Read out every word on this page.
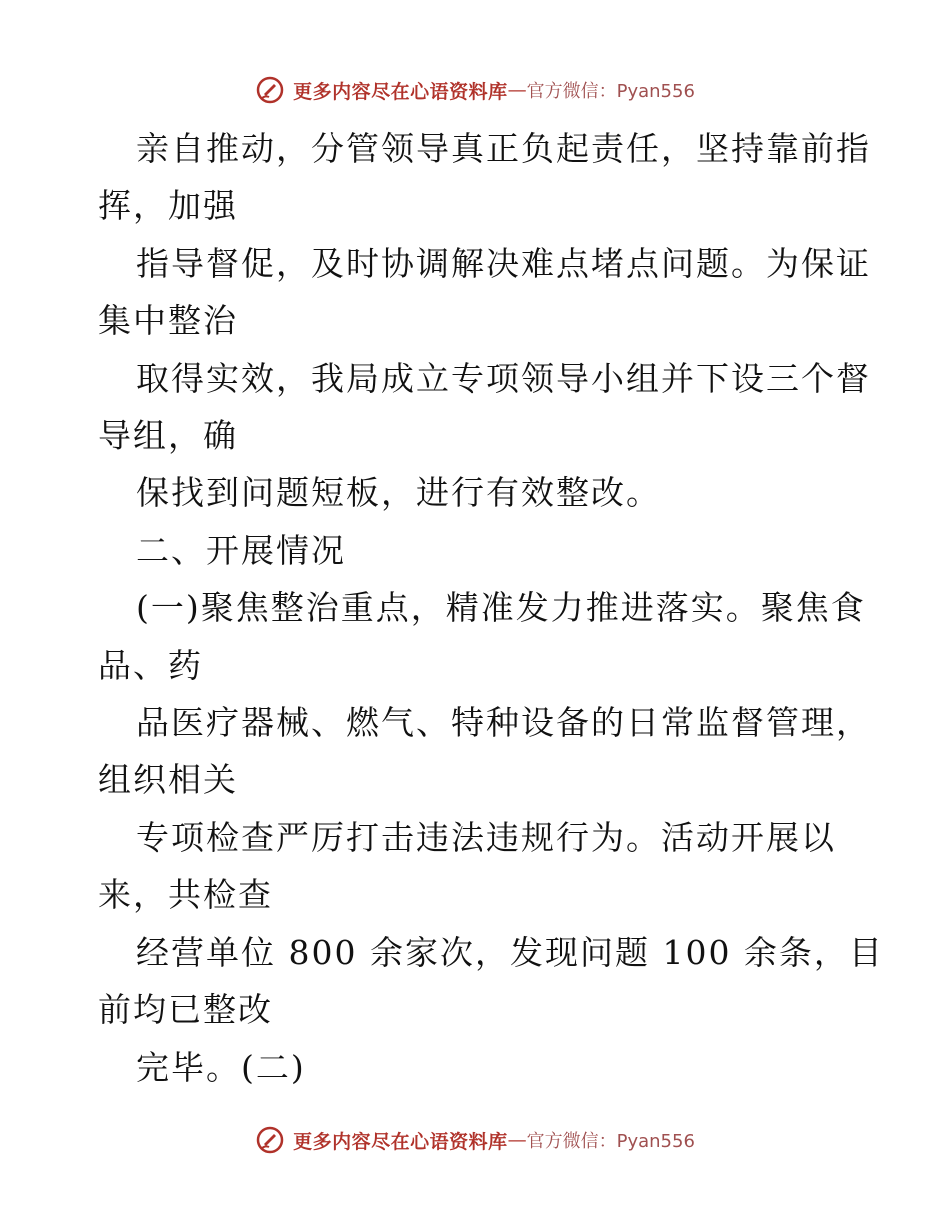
更多内容尽在心语资料库 — 官方微信：Pyan556
亲自推动，分管领导真正负起责任，坚持靠前指
挥，加强
指导督促，及时协调解决难点堵点问题。为保证
集中整治
取得实效，我局成立专项领导小组并下设三个督
导组，确
保找到问题短板，进行有效整改。
二、开展情况
(一)聚焦整治重点，精准发力推进落实。聚焦食
品、药
品医疗器械、燃气、特种设备的日常监督管理，
组织相关
专项检查严厉打击违法违规行为。活动开展以
来，共检查
经营单位 800 余家次，发现问题 100 余条，目
前均已整改
完毕。(二)
更多内容尽在心语资料库 — 官方微信：Pyan556
